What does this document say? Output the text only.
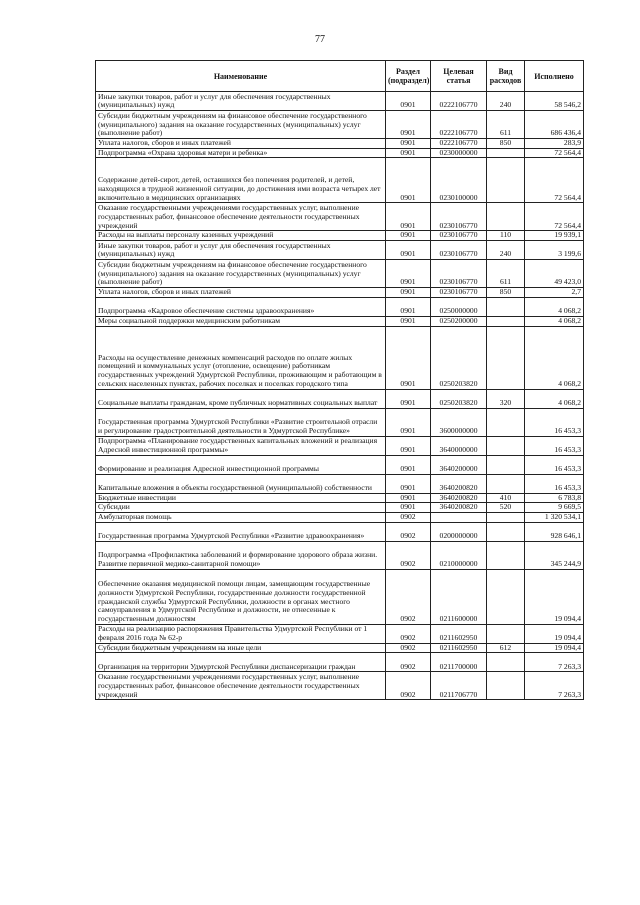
77
Наименование	Раздел (подраздел)	Целевая статья	Вид расходов	Исполнено
Иные закупки товаров, работ и услуг для обеспечения государственных (муниципальных) нужд	0901	0222106770	240	58 546,2
Субсидии бюджетным учреждениям на финансовое обеспечение государственного (муниципального) задания на оказание государственных (муниципальных) услуг (выполнение работ)	0901	0222106770	611	686 436,4
Уплата налогов, сборов и иных платежей	0901	0222106770	850	283,9
Подпрограмма «Охрана здоровья матери и ребенка»	0901	0230000000		72 564,4
Содержание детей-сирот, детей, оставшихся без попечения родителей, и детей, находящихся в трудной жизненной ситуации, до достижения ими возраста четырех лет включительно в медицинских организациях	0901	0230100000		72 564,4
Оказание государственными учреждениями государственных услуг, выполнение государственных работ, финансовое обеспечение деятельности государственных учреждений	0901	0230106770		72 564,4
Расходы на выплаты персоналу казенных учреждений	0901	0230106770	110	19 939,1
Иные закупки товаров, работ и услуг для обеспечения государственных (муниципальных) нужд	0901	0230106770	240	3 199,6
Субсидии бюджетным учреждениям на финансовое обеспечение государственного (муниципального) задания на оказание государственных (муниципальных) услуг (выполнение работ)	0901	0230106770	611	49 423,0
Уплата налогов, сборов и иных платежей	0901	0230106770	850	2,7
Подпрограмма «Кадровое обеспечение системы здравоохранения»	0901	0250000000		4 068,2
Меры социальной поддержки медицинским работникам	0901	0250200000		4 068,2
Расходы на осуществление денежных компенсаций расходов по оплате жилых помещений и коммунальных услуг (отопление, освещение) работникам государственных учреждений Удмуртской Республики, проживающим и работающим в сельских населенных пунктах, рабочих поселках и поселках городского типа	0901	0250203820		4 068,2
Социальные выплаты гражданам, кроме публичных нормативных социальных выплат	0901	0250203820	320	4 068,2
Государственная программа Удмуртской Республики «Развитие строительной отрасли и регулирование градостроительной деятельности в Удмуртской Республике»	0901	3600000000		16 453,3
Подпрограмма «Планирование государственных капитальных вложений и реализация Адресной инвестиционной программы»	0901	3640000000		16 453,3
Формирование и реализация Адресной инвестиционной программы	0901	3640200000		16 453,3
Капитальные вложения в объекты государственной (муниципальной) собственности	0901	3640200820		16 453,3
Бюджетные инвестиции	0901	3640200820	410	6 783,8
Субсидии	0901	3640200820	520	9 669,5
Амбулаторная помощь	0902			1 320 534,1
Государственная программа Удмуртской Республики «Развитие здравоохранения»	0902	0200000000		928 646,1
Подпрограмма «Профилактика заболеваний и формирование здорового образа жизни. Развитие первичной медико-санитарной помощи»	0902	0210000000		345 244,9
Обеспечение оказания медицинской помощи лицам, замещающим государственные должности Удмуртской Республики, государственные должности государственной гражданской службы Удмуртской Республики, должности в органах местного самоуправления в Удмуртской Республике и должности, не отнесенные к государственным должностям	0902	0211600000		19 094,4
Расходы на реализацию распоряжения Правительства Удмуртской Республики от 1 февраля 2016 года № 62-р	0902	0211602950		19 094,4
Субсидии бюджетным учреждениям на иные цели	0902	0211602950	612	19 094,4
Организация на территории Удмуртской Республики диспансеризации граждан	0902	0211700000		7 263,3
Оказание государственными учреждениями государственных услуг, выполнение государственных работ, финансовое обеспечение деятельности государственных учреждений	0902	0211706770		7 263,3
